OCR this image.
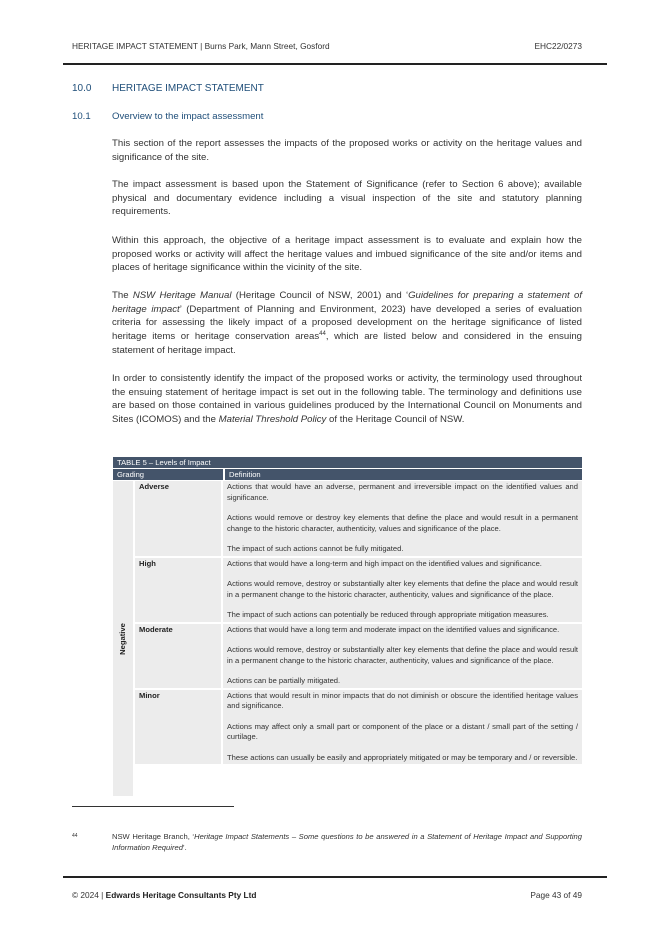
HERITAGE IMPACT STATEMENT | Burns Park, Mann Street, Gosford	EHC22/0273
10.0 HERITAGE IMPACT STATEMENT
10.1 Overview to the impact assessment

This section of the report assesses the impacts of the proposed works or activity on the heritage values and significance of the site.

The impact assessment is based upon the Statement of Significance (refer to Section 6 above); available physical and documentary evidence including a visual inspection of the site and statutory planning requirements.

Within this approach, the objective of a heritage impact assessment is to evaluate and explain how the proposed works or activity will affect the heritage values and imbued significance of the site and/or items and places of heritage significance within the vicinity of the site.

The NSW Heritage Manual (Heritage Council of NSW, 2001) and ‘Guidelines for preparing a statement of heritage impact’ (Department of Planning and Environment, 2023) have developed a series of evaluation criteria for assessing the likely impact of a proposed development on the heritage significance of listed heritage items or heritage conservation areas$^{44}$, which are listed below and considered in the ensuing statement of heritage impact.

In order to consistently identify the impact of the proposed works or activity, the terminology used throughout the ensuing statement of heritage impact is set out in the following table. The terminology and definitions use are based on those contained in various guidelines produced by the International Council on Monuments and Sites (ICOMOS) and the Material Threshold Policy of the Heritage Council of NSW.

TABLE 5 – Levels of Impact
Grading	Definition
Negative
Adverse	Actions that would have an adverse, permanent and irreversible impact on the identified values and significance.

Actions would remove or destroy key elements that define the place and would result in a permanent change to the historic character, authenticity, values and significance of the place.

The impact of such actions cannot be fully mitigated.

High	Actions that would have a long-term and high impact on the identified values and significance.

Actions would remove, destroy or substantially alter key elements that define the place and would result in a permanent change to the historic character, authenticity, values and significance of the place.

The impact of such actions can potentially be reduced through appropriate mitigation measures.

Moderate	Actions that would have a long term and moderate impact on the identified values and significance.

Actions would remove, destroy or substantially alter key elements that define the place and would result in a permanent change to the historic character, authenticity, values and significance of the place.

Actions can be partially mitigated.

Minor	Actions that would result in minor impacts that do not diminish or obscure the identified heritage values and significance.

Actions may affect only a small part or component of the place or a distant / small part of the setting / curtilage.

These actions can usually be easily and appropriately mitigated or may be temporary and / or reversible.

44	NSW Heritage Branch, ‘Heritage Impact Statements – Some questions to be answered in a Statement of Heritage Impact and Supporting Information Required’.
© 2024 | Edwards Heritage Consultants Pty Ltd	Page 43 of 49
